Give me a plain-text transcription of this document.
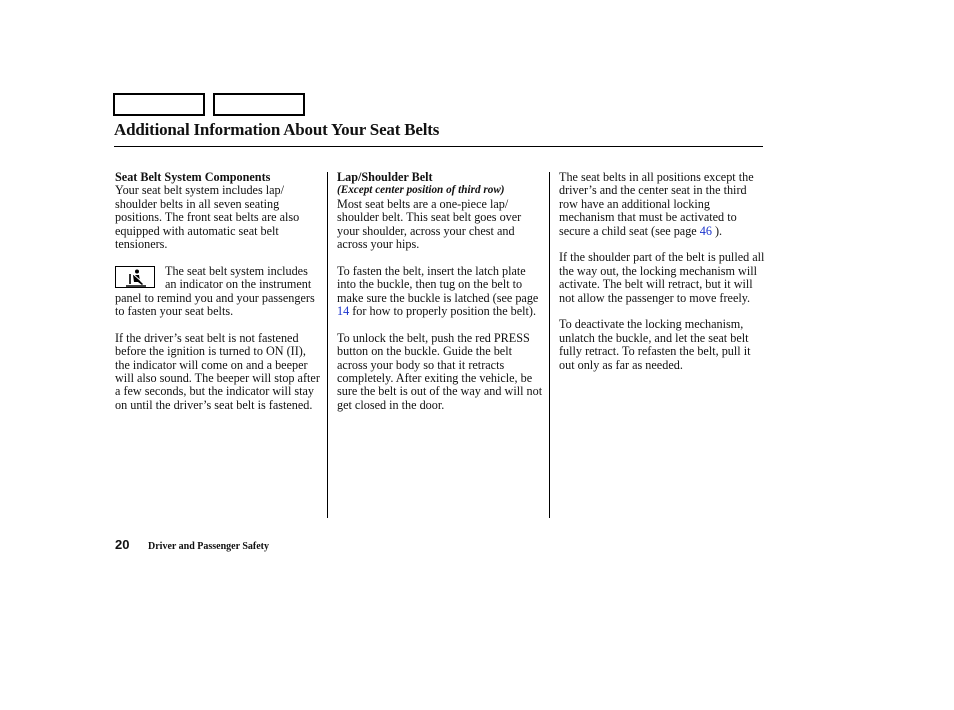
Additional Information About Your Seat Belts
Seat Belt System Components

Your seat belt system includes lap/ shoulder belts in all seven seating positions. The front seat belts are also equipped with automatic seat belt tensioners.

The seat belt system includes an indicator on the instrument panel to remind you and your passengers to fasten your seat belts.

If the driver’s seat belt is not fastened before the ignition is turned to ON (II), the indicator will come on and a beeper will also sound. The beeper will stop after a few seconds, but the indicator will stay on until the driver’s seat belt is fastened.

Lap/Shoulder Belt
(Except center position of third row)

Most seat belts are a one-piece lap/ shoulder belt. This seat belt goes over your shoulder, across your chest and across your hips.

To fasten the belt, insert the latch plate into the buckle, then tug on the belt to make sure the buckle is latched (see page 14 for how to properly position the belt).

To unlock the belt, push the red PRESS button on the buckle. Guide the belt across your body so that it retracts completely. After exiting the vehicle, be sure the belt is out of the way and will not get closed in the door.

The seat belts in all positions except the driver’s and the center seat in the third row have an additional locking mechanism that must be activated to secure a child seat (see page 46 ).

If the shoulder part of the belt is pulled all the way out, the locking mechanism will activate. The belt will retract, but it will not allow the passenger to move freely.

To deactivate the locking mechanism, unlatch the buckle, and let the seat belt fully retract. To refasten the belt, pull it out only as far as needed.

20 Driver and Passenger Safety
